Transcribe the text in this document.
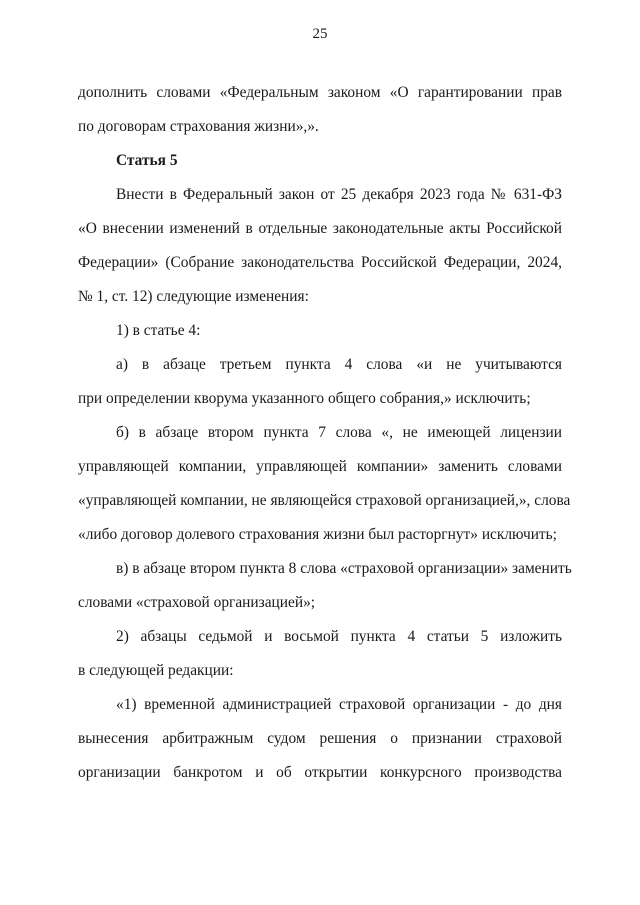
25
дополнить словами «Федеральным законом «О гарантировании прав
по договорам страхования жизни»,».
Статья 5
Внести в Федеральный закон от 25 декабря 2023 года № 631-ФЗ
«О внесении изменений в отдельные законодательные акты Российской
Федерации» (Собрание законодательства Российской Федерации, 2024,
№ 1, ст. 12) следующие изменения:
1) в статье 4:
а) в абзаце третьем пункта 4 слова «и не учитываются
при определении кворума указанного общего собрания,» исключить;
б) в абзаце втором пункта 7 слова «, не имеющей лицензии
управляющей компании, управляющей компании» заменить словами
«управляющей компании, не являющейся страховой организацией,», слова
«либо договор долевого страхования жизни был расторгнут» исключить;
в) в абзаце втором пункта 8 слова «страховой организации» заменить
словами «страховой организацией»;
2) абзацы седьмой и восьмой пункта 4 статьи 5 изложить
в следующей редакции:
«1) временной администрацией страховой организации - до дня
вынесения арбитражным судом решения о признании страховой
организации банкротом и об открытии конкурсного производства
